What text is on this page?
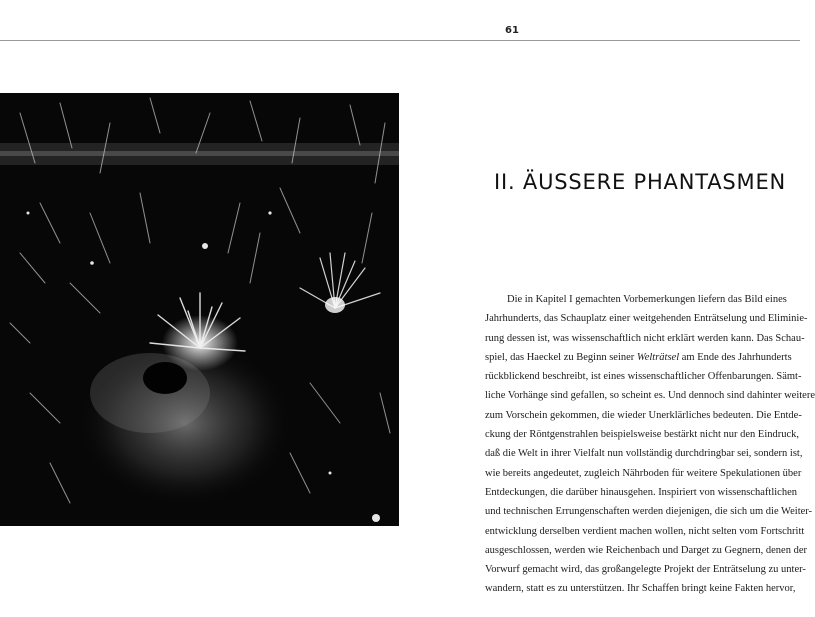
61
4
II. ÄUSSERE PHANTASMEN
Die in Kapitel I gemachten Vorbemerkungen liefern das Bild eines
Jahrhunderts, das Schauplatz einer weitgehenden Enträtselung und Eliminie-
rung dessen ist, was wissenschaftlich nicht erklärt werden kann. Das Schau-
spiel, das Haeckel zu Beginn seiner Welträtsel am Ende des Jahrhunderts
rückblickend beschreibt, ist eines wissenschaftlicher Offenbarungen. Sämt-
liche Vorhänge sind gefallen, so scheint es. Und dennoch sind dahinter weitere
zum Vorschein gekommen, die wieder Unerklärliches bedeuten. Die Entde-
ckung der Röntgenstrahlen beispielsweise bestärkt nicht nur den Eindruck,
daß die Welt in ihrer Vielfalt nun vollständig durchdringbar sei, sondern ist,
wie bereits angedeutet, zugleich Nährboden für weitere Spekulationen über
Entdeckungen, die darüber hinausgehen. Inspiriert von wissenschaftlichen
und technischen Errungenschaften werden diejenigen, die sich um die Weiter-
entwicklung derselben verdient machen wollen, nicht selten vom Fortschritt
ausgeschlossen, werden wie Reichenbach und Darget zu Gegnern, denen der
Vorwurf gemacht wird, das großangelegte Projekt der Enträtselung zu unter-
wandern, statt es zu unterstützen. Ihr Schaffen bringt keine Fakten hervor,
